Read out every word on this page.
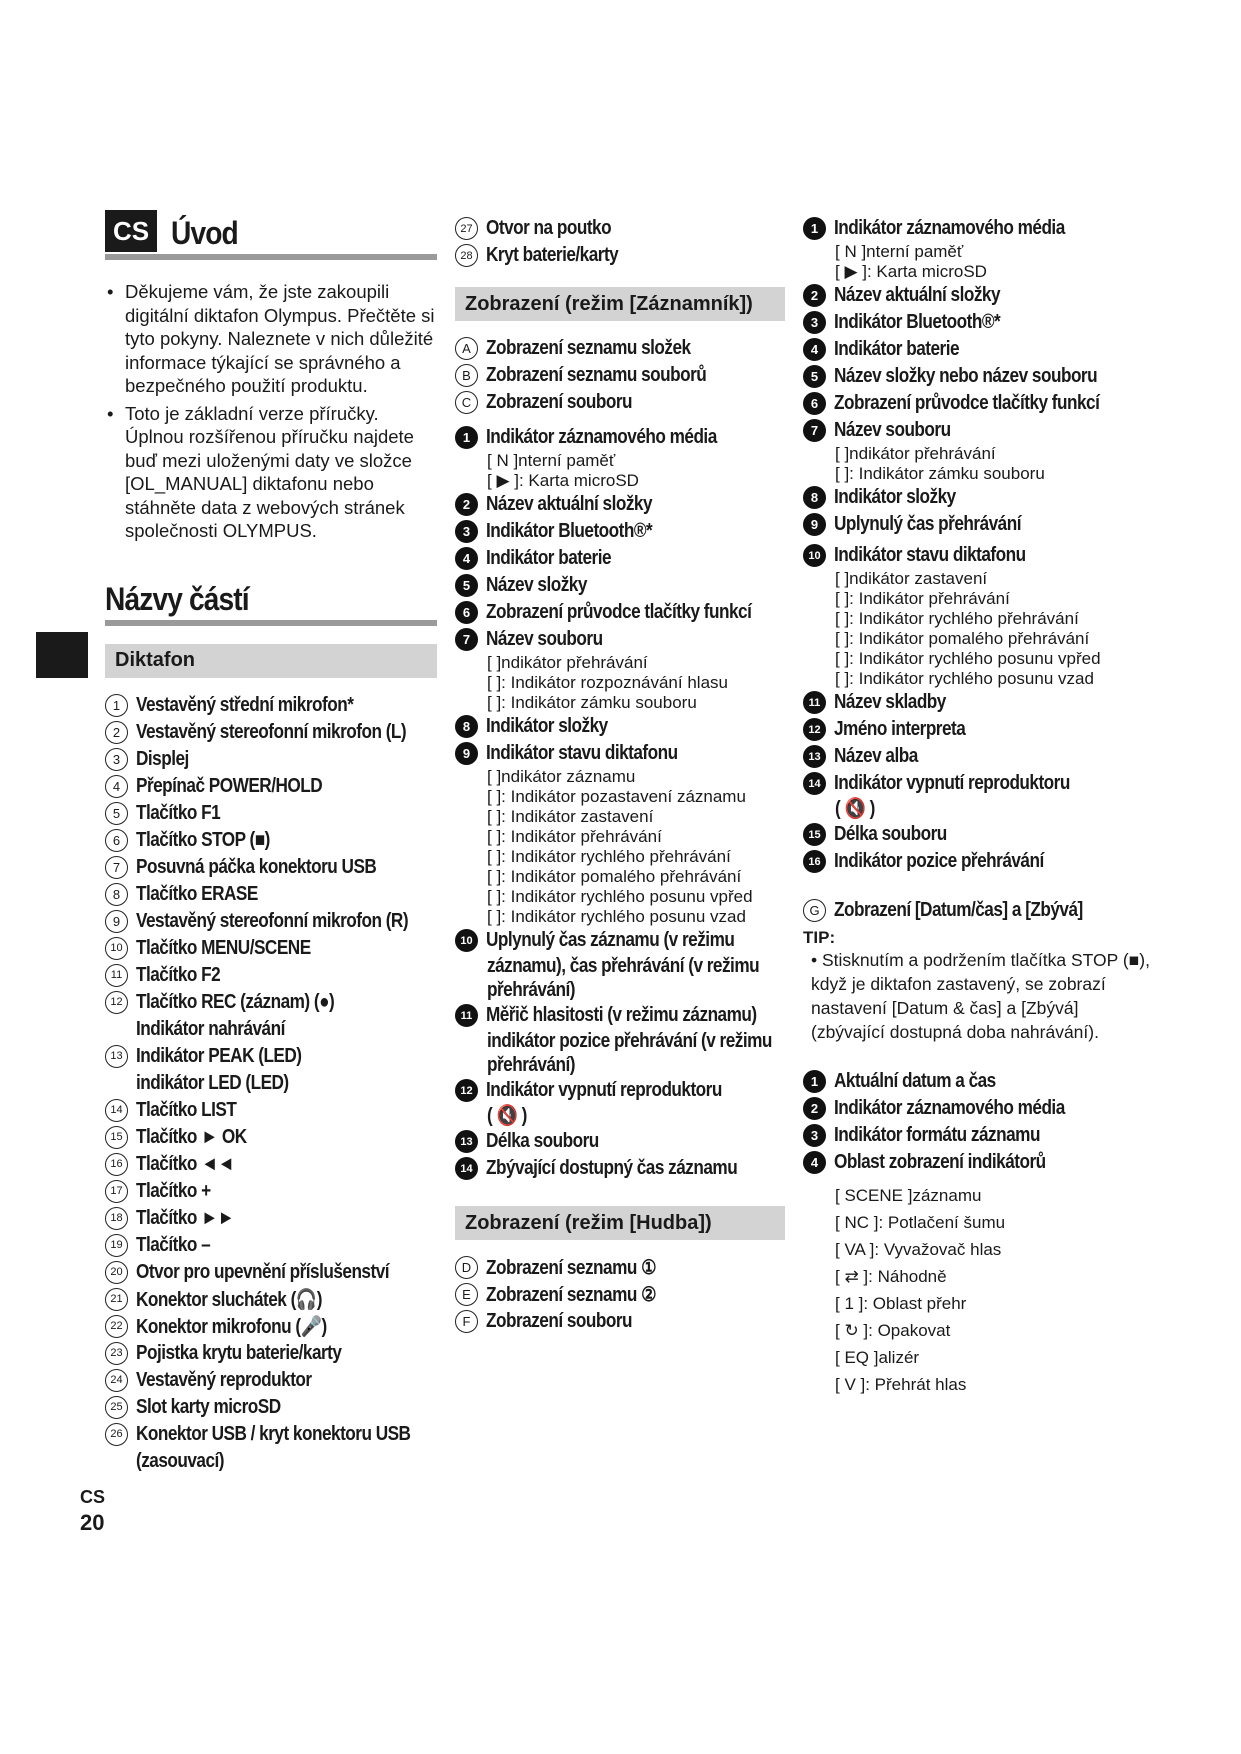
CS Úvod
• Děkujeme vám, že jste zakoupili digitální diktafon Olympus. Přečtěte si tyto pokyny. Naleznete v nich důležité informace týkající se správného a bezpečného použití produktu.
• Toto je základní verze příručky. Úplnou rozšířenou příručku najdete buď mezi uloženými daty ve složce [OL_MANUAL] diktafonu nebo stáhněte data z webových stránek společnosti OLYMPUS.
Názvy částí
Diktafon
1 Vestavěný střední mikrofon*
2 Vestavěný stereofonní mikrofon (L)
3 Displej
4 Přepínač POWER/HOLD
5 Tlačítko F1
6 Tlačítko STOP (■)
7 Posuvná páčka konektoru USB
8 Tlačítko ERASE
9 Vestavěný stereofonní mikrofon (R)
10 Tlačítko MENU/SCENE
11 Tlačítko F2
12 Tlačítko REC (záznam) (●)
Indikátor nahrávání
13 Indikátor PEAK (LED)
indikátor LED (LED)
14 Tlačítko LIST
15 Tlačítko ► OK
16 Tlačítko ◄◄
17 Tlačítko +
18 Tlačítko ►►
19 Tlačítko –
20 Otvor pro upevnění příslušenství
21 Konektor sluchátek (🎧)
22 Konektor mikrofonu (🎤)
23 Pojistka krytu baterie/karty
24 Vestavěný reproduktor
25 Slot karty microSD
26 Konektor USB / kryt konektoru USB
(zasouvací)
27 Otvor na poutko
28 Kryt baterie/karty
Zobrazení (režim [Záznamník])
A Zobrazení seznamu složek
B Zobrazení seznamu souborů
C Zobrazení souboru
1 Indikátor záznamového média
[ N ]nterní paměť
[ ▶ ]: Karta microSD
2 Název aktuální složky
3 Indikátor Bluetooth®*
4 Indikátor baterie
5 Název složky
6 Zobrazení průvodce tlačítky funkcí
7 Název souboru
[ ]ndikátor přehrávání
[ ]: Indikátor rozpoznávání hlasu
[ ]: Indikátor zámku souboru
8 Indikátor složky
9 Indikátor stavu diktafonu
[ ]ndikátor záznamu
[ ]: Indikátor pozastavení záznamu
[ ]: Indikátor zastavení
[ ]: Indikátor přehrávání
[ ]: Indikátor rychlého přehrávání
[ ]: Indikátor pomalého přehrávání
[ ]: Indikátor rychlého posunu vpřed
[ ]: Indikátor rychlého posunu vzad
10 Uplynulý čas záznamu (v režimu
záznamu), čas přehrávání (v režimu
přehrávání)
11 Měřič hlasitosti (v režimu záznamu)
indikátor pozice přehrávání (v režimu
přehrávání)
12 Indikátor vypnutí reproduktoru
( 🔇 )
13 Délka souboru
14 Zbývající dostupný čas záznamu
Zobrazení (režim [Hudba])
D Zobrazení seznamu ①
E Zobrazení seznamu ②
F Zobrazení souboru
1 Indikátor záznamového média
[ N ]nterní paměť
[ ▶ ]: Karta microSD
2 Název aktuální složky
3 Indikátor Bluetooth®*
4 Indikátor baterie
5 Název složky nebo název souboru
6 Zobrazení průvodce tlačítky funkcí
7 Název souboru
[ ]ndikátor přehrávání
[ ]: Indikátor zámku souboru
8 Indikátor složky
9 Uplynulý čas přehrávání
10 Indikátor stavu diktafonu
[ ]ndikátor zastavení
[ ]: Indikátor přehrávání
[ ]: Indikátor rychlého přehrávání
[ ]: Indikátor pomalého přehrávání
[ ]: Indikátor rychlého posunu vpřed
[ ]: Indikátor rychlého posunu vzad
11 Název skladby
12 Jméno interpreta
13 Název alba
14 Indikátor vypnutí reproduktoru
( 🔇 )
15 Délka souboru
16 Indikátor pozice přehrávání
G Zobrazení [Datum/čas] a [Zbývá]
TIP:
• Stisknutím a podržením tlačítka STOP (■), když je diktafon zastavený, se zobrazí nastavení [Datum & čas] a [Zbývá] (zbývající dostupná doba nahrávání).
1 Aktuální datum a čas
2 Indikátor záznamového média
3 Indikátor formátu záznamu
4 Oblast zobrazení indikátorů
[ SCENE ]záznamu
[ NC ]: Potlačení šumu
[ VA ]: Vyvažovač hlas
[ ⇄ ]: Náhodně
[ 1 ]: Oblast přehr
[ ↻ ]: Opakovat
[ EQ ]alizér
[ V ]: Přehrát hlas
CS
20
